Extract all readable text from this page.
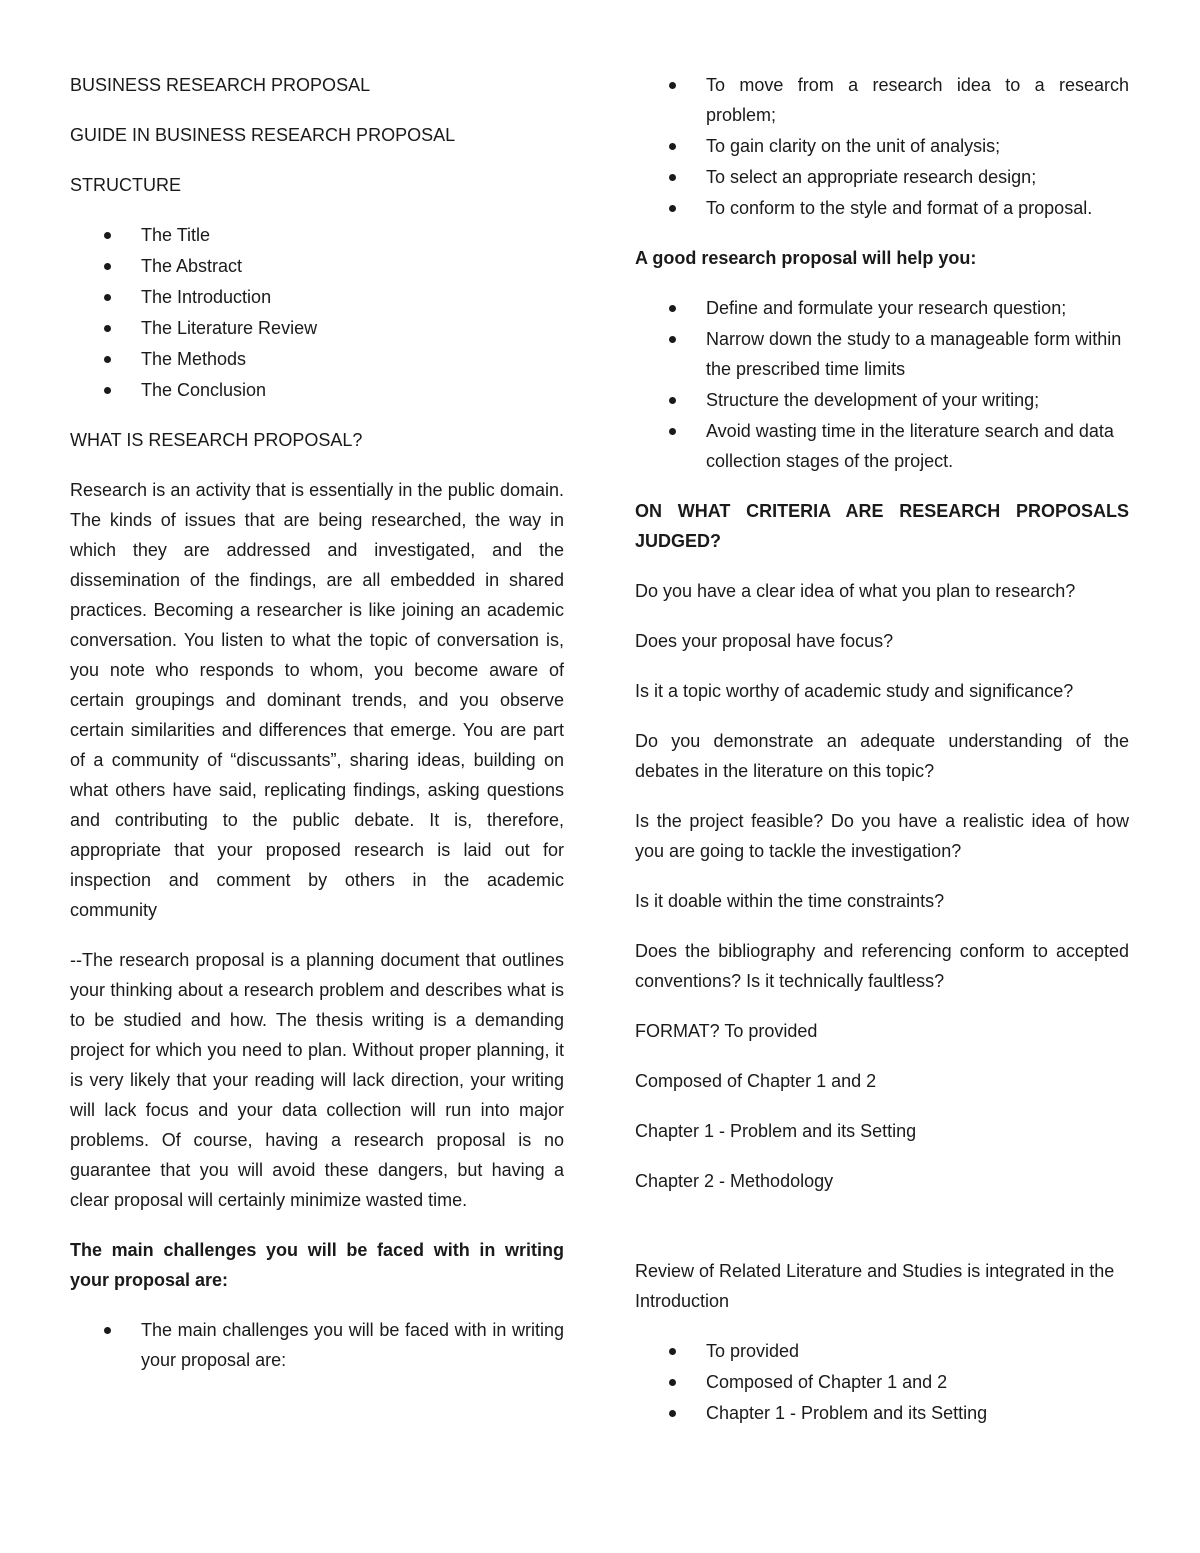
BUSINESS RESEARCH PROPOSAL

GUIDE IN BUSINESS RESEARCH PROPOSAL

STRUCTURE

The Title
The Abstract
The Introduction
The Literature Review
The Methods
The Conclusion

WHAT IS RESEARCH PROPOSAL?

Research is an activity that is essentially in the public domain. The kinds of issues that are being researched, the way in which they are addressed and investigated, and the dissemination of the findings, are all embedded in shared practices. Becoming a researcher is like joining an academic conversation. You listen to what the topic of conversation is, you note who responds to whom, you become aware of certain groupings and dominant trends, and you observe certain similarities and differences that emerge. You are part of a community of “discussants”, sharing ideas, building on what others have said, replicating findings, asking questions and contributing to the public debate. It is, therefore, appropriate that your proposed research is laid out for inspection and comment by others in the academic community

--The research proposal is a planning document that outlines your thinking about a research problem and describes what is to be studied and how. The thesis writing is a demanding project for which you need to plan. Without proper planning, it is very likely that your reading will lack direction, your writing will lack focus and your data collection will run into major problems. Of course, having a research proposal is no guarantee that you will avoid these dangers, but having a clear proposal will certainly minimize wasted time.

The main challenges you will be faced with in writing your proposal are:

The main challenges you will be faced with in writing your proposal are:
To move from a research idea to a research problem;
To gain clarity on the unit of analysis;
To select an appropriate research design;
To conform to the style and format of a proposal.

A good research proposal will help you:

Define and formulate your research question;
Narrow down the study to a manageable form within the prescribed time limits
Structure the development of your writing;
Avoid wasting time in the literature search and data collection stages of the project.

ON WHAT CRITERIA ARE RESEARCH PROPOSALS JUDGED?

Do you have a clear idea of what you plan to research?

Does your proposal have focus?

Is it a topic worthy of academic study and significance?

Do you demonstrate an adequate understanding of the debates in the literature on this topic?

Is the project feasible? Do you have a realistic idea of how you are going to tackle the investigation?

Is it doable within the time constraints?

Does the bibliography and referencing conform to accepted conventions? Is it technically faultless?

FORMAT? To provided

Composed of Chapter 1 and 2

Chapter 1 - Problem and its Setting

Chapter 2 - Methodology

Review of Related Literature and Studies is integrated in the Introduction

To provided
Composed of Chapter 1 and 2
Chapter 1 - Problem and its Setting
